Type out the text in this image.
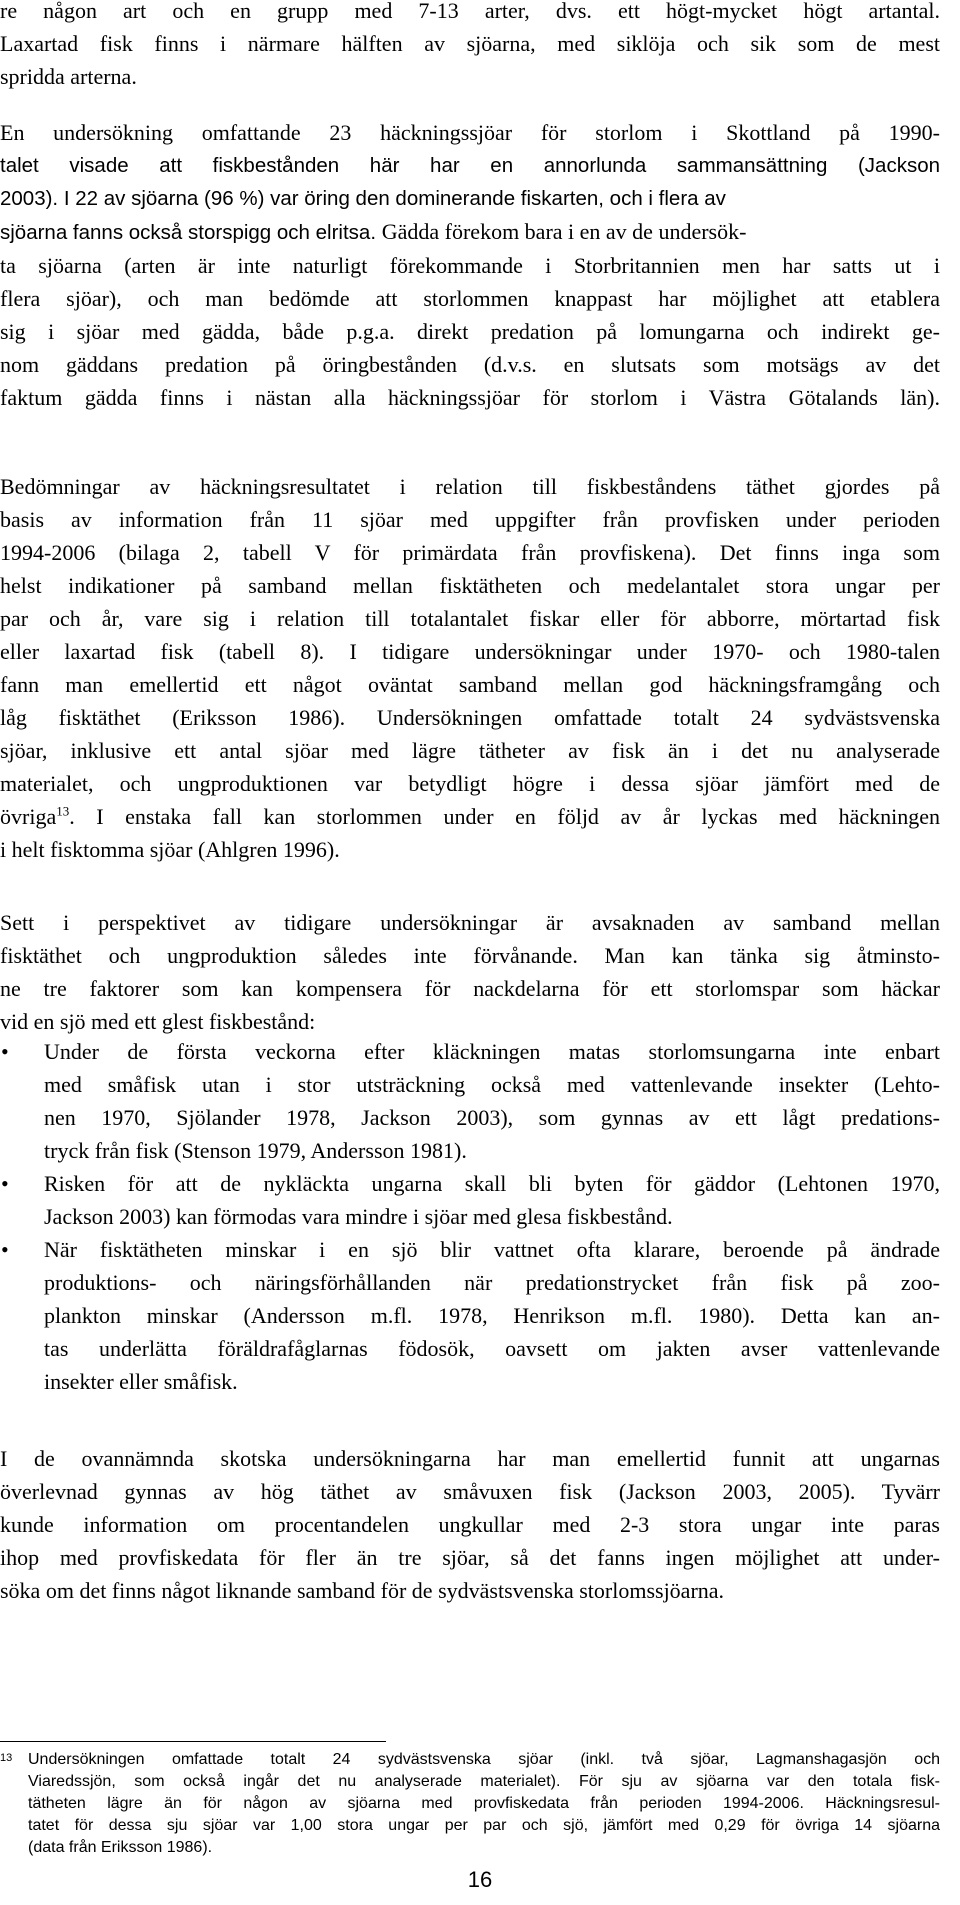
re någon art och en grupp med 7-13 arter, dvs. ett högt-mycket högt artantal.
Laxartad fisk finns i närmare hälften av sjöarna, med siklöja och sik som de mest
spridda arterna.
En undersökning omfattande 23 häckningssjöar för storlom i Skottland på 1990-
talet visade att fiskbestånden här har en annorlunda sammansättning (Jackson
2003). I 22 av sjöarna (96 %) var öring den dominerande fiskarten, och i flera av
sjöarna fanns också storspigg och elritsa. Gädda förekom bara i en av de undersök-
ta sjöarna (arten är inte naturligt förekommande i Storbritannien men har satts ut i
flera sjöar), och man bedömde att storlommen knappast har möjlighet att etablera
sig i sjöar med gädda, både p.g.a. direkt predation på lomungarna och indirekt ge-
nom gäddans predation på öringbestånden (d.v.s. en slutsats som motsägs av det
faktum gädda finns i nästan alla häckningssjöar för storlom i Västra Götalands län).
Bedömningar av häckningsresultatet i relation till fiskbeståndens täthet gjordes på
basis av information från 11 sjöar med uppgifter från provfisken under perioden
1994-2006 (bilaga 2, tabell V för primärdata från provfiskena). Det finns inga som
helst indikationer på samband mellan fisktätheten och medelantalet stora ungar per
par och år, vare sig i relation till totalantalet fiskar eller för abborre, mörtartad fisk
eller laxartad fisk (tabell 8). I tidigare undersökningar under 1970- och 1980-talen
fann man emellertid ett något oväntat samband mellan god häckningsframgång och
låg fisktäthet (Eriksson 1986). Undersökningen omfattade totalt 24 sydvästsvenska
sjöar, inklusive ett antal sjöar med lägre tätheter av fisk än i det nu analyserade
materialet, och ungproduktionen var betydligt högre i dessa sjöar jämfört med de
övriga$^{13}$. I enstaka fall kan storlommen under en följd av år lyckas med häckningen
i helt fisktomma sjöar (Ahlgren 1996).
Sett i perspektivet av tidigare undersökningar är avsaknaden av samband mellan
fisktäthet och ungproduktion således inte förvånande. Man kan tänka sig åtminsto-
ne tre faktorer som kan kompensera för nackdelarna för ett storlomspar som häckar
vid en sjö med ett glest fiskbestånd:
• Under de första veckorna efter kläckningen matas storlomsungarna inte enbart
med småfisk utan i stor utsträckning också med vattenlevande insekter (Lehto-
nen 1970, Sjölander 1978, Jackson 2003), som gynnas av ett lågt predations-
tryck från fisk (Stenson 1979, Andersson 1981).
• Risken för att de nykläckta ungarna skall bli byten för gäddor (Lehtonen 1970,
Jackson 2003) kan förmodas vara mindre i sjöar med glesa fiskbestånd.
• När fisktätheten minskar i en sjö blir vattnet ofta klarare, beroende på ändrade
produktions- och näringsförhållanden när predationstrycket från fisk på zoo-
plankton minskar (Andersson m.fl. 1978, Henrikson m.fl. 1980). Detta kan an-
tas underlätta föräldrafåglarnas födosök, oavsett om jakten avser vattenlevande
insekter eller småfisk.
I de ovannämnda skotska undersökningarna har man emellertid funnit att ungarnas
överlevnad gynnas av hög täthet av småvuxen fisk (Jackson 2003, 2005). Tyvärr
kunde information om procentandelen ungkullar med 2-3 stora ungar inte paras
ihop med provfiskedata för fler än tre sjöar, så det fanns ingen möjlighet att under-
söka om det finns något liknande samband för de sydvästsvenska storlomssjöarna.
13 Undersökningen omfattade totalt 24 sydvästsvenska sjöar (inkl. två sjöar, Lagmanshagasjön och
Viaredssjön, som också ingår det nu analyserade materialet). För sju av sjöarna var den totala fisk-
tätheten lägre än för någon av sjöarna med provfiskedata från perioden 1994-2006. Häckningsresul-
tatet för dessa sju sjöar var 1,00 stora ungar per par och sjö, jämfört med 0,29 för övriga 14 sjöarna
(data från Eriksson 1986).
16
